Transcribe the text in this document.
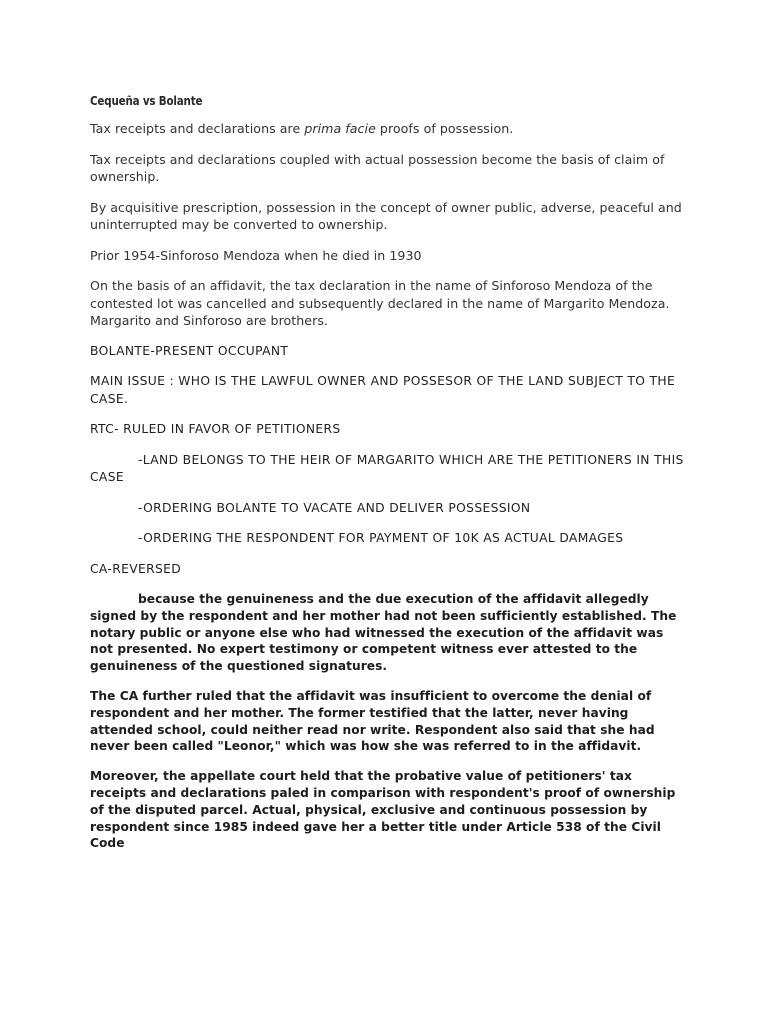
Cequeña vs Bolante

Tax receipts and declarations are prima facie proofs of possession.

Tax receipts and declarations coupled with actual possession become the basis of claim of ownership.

By acquisitive prescription, possession in the concept of owner public, adverse, peaceful and uninterrupted may be converted to ownership.

Prior 1954-Sinforoso Mendoza when he died in 1930

On the basis of an affidavit, the tax declaration in the name of Sinforoso Mendoza of the contested lot was cancelled and subsequently declared in the name of Margarito Mendoza. Margarito and Sinforoso are brothers.

BOLANTE-PRESENT OCCUPANT

MAIN ISSUE : WHO IS THE LAWFUL OWNER AND POSSESOR OF THE LAND SUBJECT TO THE CASE.

RTC- RULED IN FAVOR OF PETITIONERS

-LAND BELONGS TO THE HEIR OF MARGARITO WHICH ARE THE PETITIONERS IN THIS CASE

-ORDERING BOLANTE TO VACATE AND DELIVER POSSESSION

-ORDERING THE RESPONDENT FOR PAYMENT OF 10K AS ACTUAL DAMAGES

CA-REVERSED

because the genuineness and the due execution of the affidavit allegedly signed by the respondent and her mother had not been sufficiently established. The notary public or anyone else who had witnessed the execution of the affidavit was not presented. No expert testimony or competent witness ever attested to the genuineness of the questioned signatures.

The CA further ruled that the affidavit was insufficient to overcome the denial of respondent and her mother. The former testified that the latter, never having attended school, could neither read nor write. Respondent also said that she had never been called "Leonor," which was how she was referred to in the affidavit.

Moreover, the appellate court held that the probative value of petitioners' tax receipts and declarations paled in comparison with respondent's proof of ownership of the disputed parcel. Actual, physical, exclusive and continuous possession by respondent since 1985 indeed gave her a better title under Article 538 of the Civil Code
